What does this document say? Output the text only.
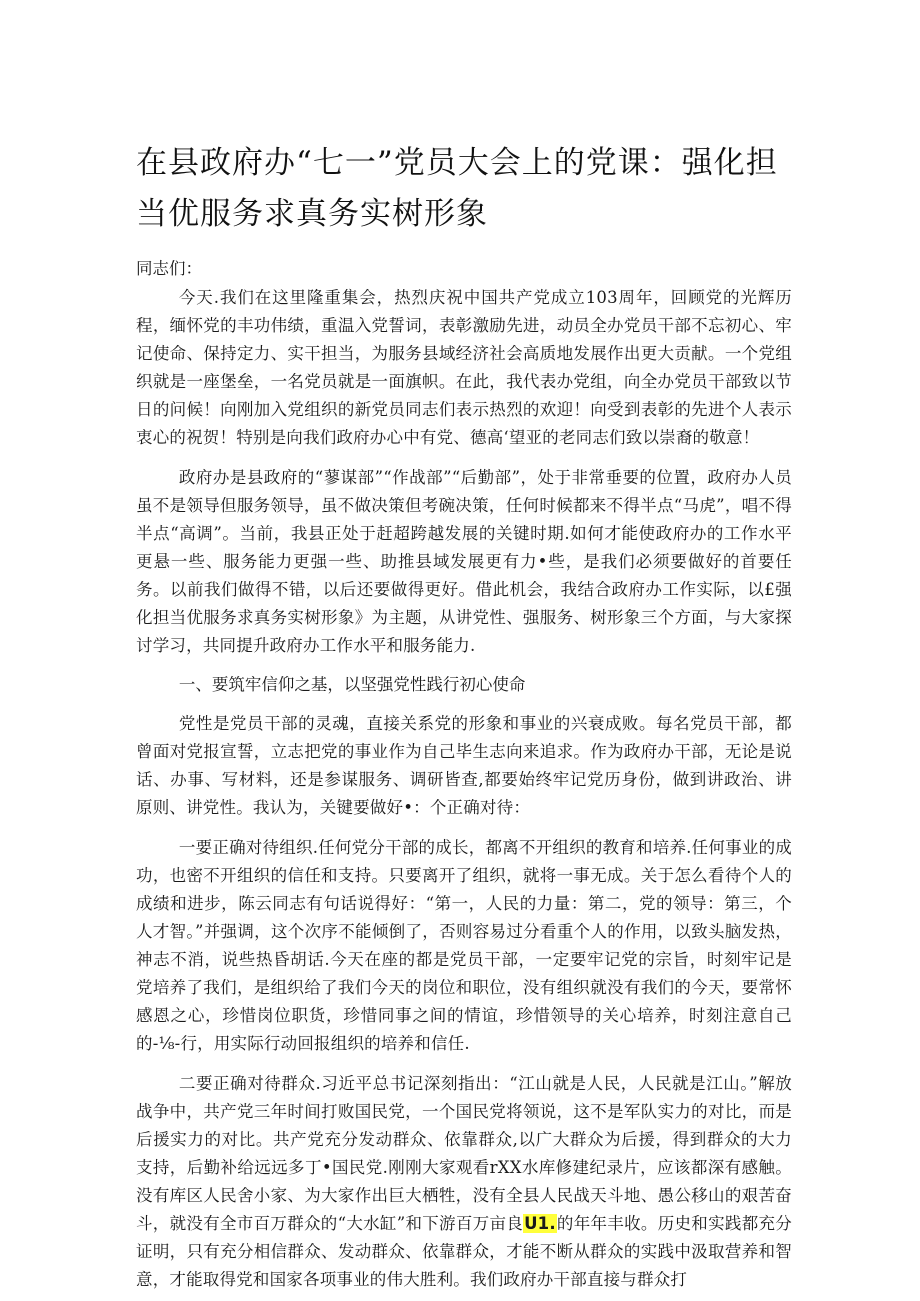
在县政府办“七一”党员大会上的党课：强化担当优服务求真务实树形象

同志们：

今天.我们在这里隆重集会，热烈庆祝中国共产党成立103周年，回顾党的光辉历程，缅怀党的丰功伟绩，重温入党誓词，表彰激励先进，动员全办党员干部不忘初心、牢记使命、保持定力、实干担当，为服务县域经济社会高质地发展作出更大贡献。一个党组织就是一座堡垒，一名党员就是一面旗帜。在此，我代表办党组，向全办党员干部致以节日的问候！向刚加入党组织的新党员同志们表示热烈的欢迎！向受到表彰的先进个人表示衷心的祝贺！特别是向我们政府办心中有党、德高‘望亚的老同志们致以崇裔的敬意！

政府办是县政府的“蓼谋部”“作战部”“后勤部”，处于非常垂要的位置，政府办人员虽不是领导但服务领导，虽不做决策但考碗决策，任何时候都来不得半点“马虎”，唱不得半点“高调”。当前，我县正处于赶超跨越发展的关键时期.如何才能使政府办的工作水平更悬一些、服务能力更强一些、助推县域发展更有力•些，是我们必须要做好的首要任务。以前我们做得不错，以后还要做得更好。借此机会，我结合政府办工作实际，以£强化担当优服务求真务实树形象》为主题，从讲党性、强服务、树形象三个方面，与大家探讨学习，共同提升政府办工作水平和服务能力.

一、要筑牢信仰之基，以坚强党性践行初心使命

党性是党员干部的灵魂，直接关系党的形象和事业的兴衰成败。每名党员干部，都曾面对党报宣誓，立志把党的事业作为自己毕生志向来追求。作为政府办干部，无论是说话、办事、写材料，还是参谋服务、调研皆查,都要始终牢记党历身份，做到讲政治、讲原则、讲党性。我认为，关键要做好•：个正确对待：

一要正确对待组织.任何党分干部的成长，都离不开组织的教育和培养.任何事业的成功，也密不开组织的信任和支持。只要离开了组织，就将一事无成。关于怎么看待个人的成绩和进步，陈云同志有句话说得好：“第一，人民的力量：第二，党的领导：第三，个人才智。”并强调，这个次序不能倾倒了，否则容易过分看重个人的作用，以致头脑发热，神志不消，说些热昏胡话.今天在座的都是党员干部，一定要牢记党的宗旨，时刻牢记是党培养了我们，是组织给了我们今天的岗位和职位，没有组织就没有我们的今天，要常怀感恩之心，珍惜岗位职货，珍惜同事之间的情谊，珍惜领导的关心培养，时刻注意自己的-⅛-行，用实际行动回报组织的培养和信任.

二要正确对待群众.习近平总书记深刻指出：“江山就是人民，人民就是江山。”解放战争中，共产党三年时间打败国民党，一个国民党将领说，这不是军队实力的对比，而是后援实力的对比。共产党充分发动群众、依靠群众,以广大群众为后援，得到群众的大力支持，后勤补给远远多丁•国民党.刚刚大家观看rXX水库修建纪录片，应该都深有感触。没有库区人民舍小家、为大家作出巨大栖牲，没有全县人民战天斗地、愚公移山的艰苦奋斗，就没有全市百万群众的“大水缸”和下游百万亩良U1.的年年丰收。历史和实践都充分证明，只有充分相信群众、发动群众、依靠群众，才能不断从群众的实践中汲取营养和智意，才能取得党和国家各项事业的伟大胜利。我们政府办干部直接与群众打
